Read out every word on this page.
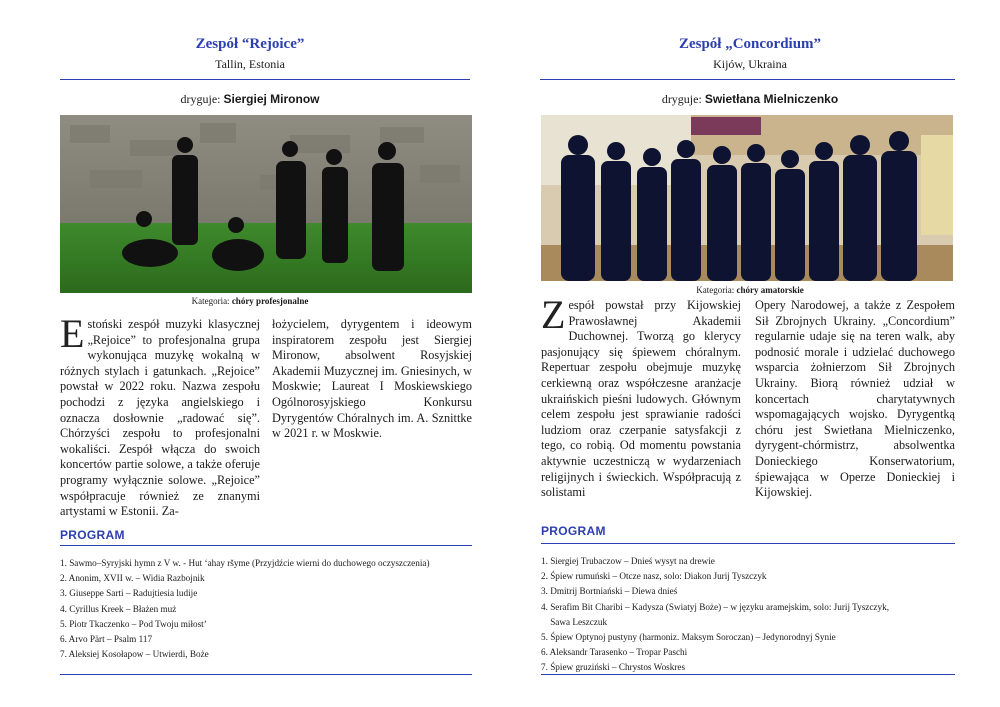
Zespół “Rejoice”
Tallin, Estonia
dryguje: Siergiej Mironow
Kategoria: chóry profesjonalne
Estoński zespół muzyki klasycznej „Rejoice” to profesjonalna grupa wykonująca muzykę wokalną w różnych stylach i gatunkach. „Rejoice” powstał w 2022 roku. Nazwa zespołu pochodzi z języka angielskiego i oznacza dosłownie „radować się”. Chórzyści zespołu to profesjonalni wokaliści. Zespół włącza do swoich koncertów partie solowe, a także oferuje programy wyłącznie solowe. „Rejoice” współpracuje również ze znanymi artystami w Estonii. Za-
łożycielem, dyrygentem i ideowym inspiratorem zespołu jest Siergiej Mironow, absolwent Rosyjskiej Akademii Muzycznej im. Gniesinych, w Moskwie; Laureat I Moskiewskiego Ogólnorosyjskiego Konkursu Dyrygentów Chóralnych im. A. Sznittke w 2021 r. w Moskwie.
PROGRAM
1. Sawmo–Syryjski hymn z V w. - Hut ‘ahay ršyme (Przyjdźcie wierni do duchowego oczyszczenia)
2. Anonim, XVII w. – Widia Razbojnik
3. Giuseppe Sarti – Radujtiesia ludije
4. Cyrillus Kreek – Błażen muż
5. Piotr Tkaczenko – Pod Twoju miłost’
6. Arvo Pärt – Psalm 117
7. Aleksiej Kosołapow – Utwierdi, Boże
Zespół „Concordium”
Kijów, Ukraina
dryguje: Swietłana Mielniczenko
Kategoria: chóry amatorskie
Zespół powstał przy Kijowskiej Prawosławnej Akademii Duchownej. Tworzą go klerycy pasjonujący się śpiewem chóralnym. Repertuar zespołu obejmuje muzykę cerkiewną oraz współczesne aranżacje ukraińskich pieśni ludowych. Głównym celem zespołu jest sprawianie radości ludziom oraz czerpanie satysfakcji z tego, co robią. Od momentu powstania aktywnie uczestniczą w wydarzeniach religijnych i świeckich. Współpracują z solistami
Opery Narodowej, a także z Zespołem Sił Zbrojnych Ukrainy. „Concordium” regularnie udaje się na teren walk, aby podnosić morale i udzielać duchowego wsparcia żołnierzom Sił Zbrojnych Ukrainy. Biorą również udział w koncertach charytatywnych wspomagających wojsko. Dyrygentką chóru jest Swietłana Mielniczenko, dyrygent-chórmistrz, absolwentka Donieckiego Konserwatorium, śpiewająca w Operze Donieckiej i Kijowskiej.
PROGRAM
1. Siergiej Trubaczow – Dnieś wysyt na drewie
2. Śpiew rumuński – Otcze nasz, solo: Diakon Jurij Tyszczyk
3. Dmitrij Bortniański – Diewa dnieś
4. Serafim Bit Charibi – Kadysza (Swiatyj Boże) – w języku aramejskim, solo: Jurij Tyszczyk,
Sawa Leszczuk
5. Śpiew Optynoj pustyny (harmoniz. Maksym Soroczan) – Jedynorodnyj Synie
6. Aleksandr Tarasenko – Tropar Paschi
7. Śpiew gruziński – Chrystos Woskres
